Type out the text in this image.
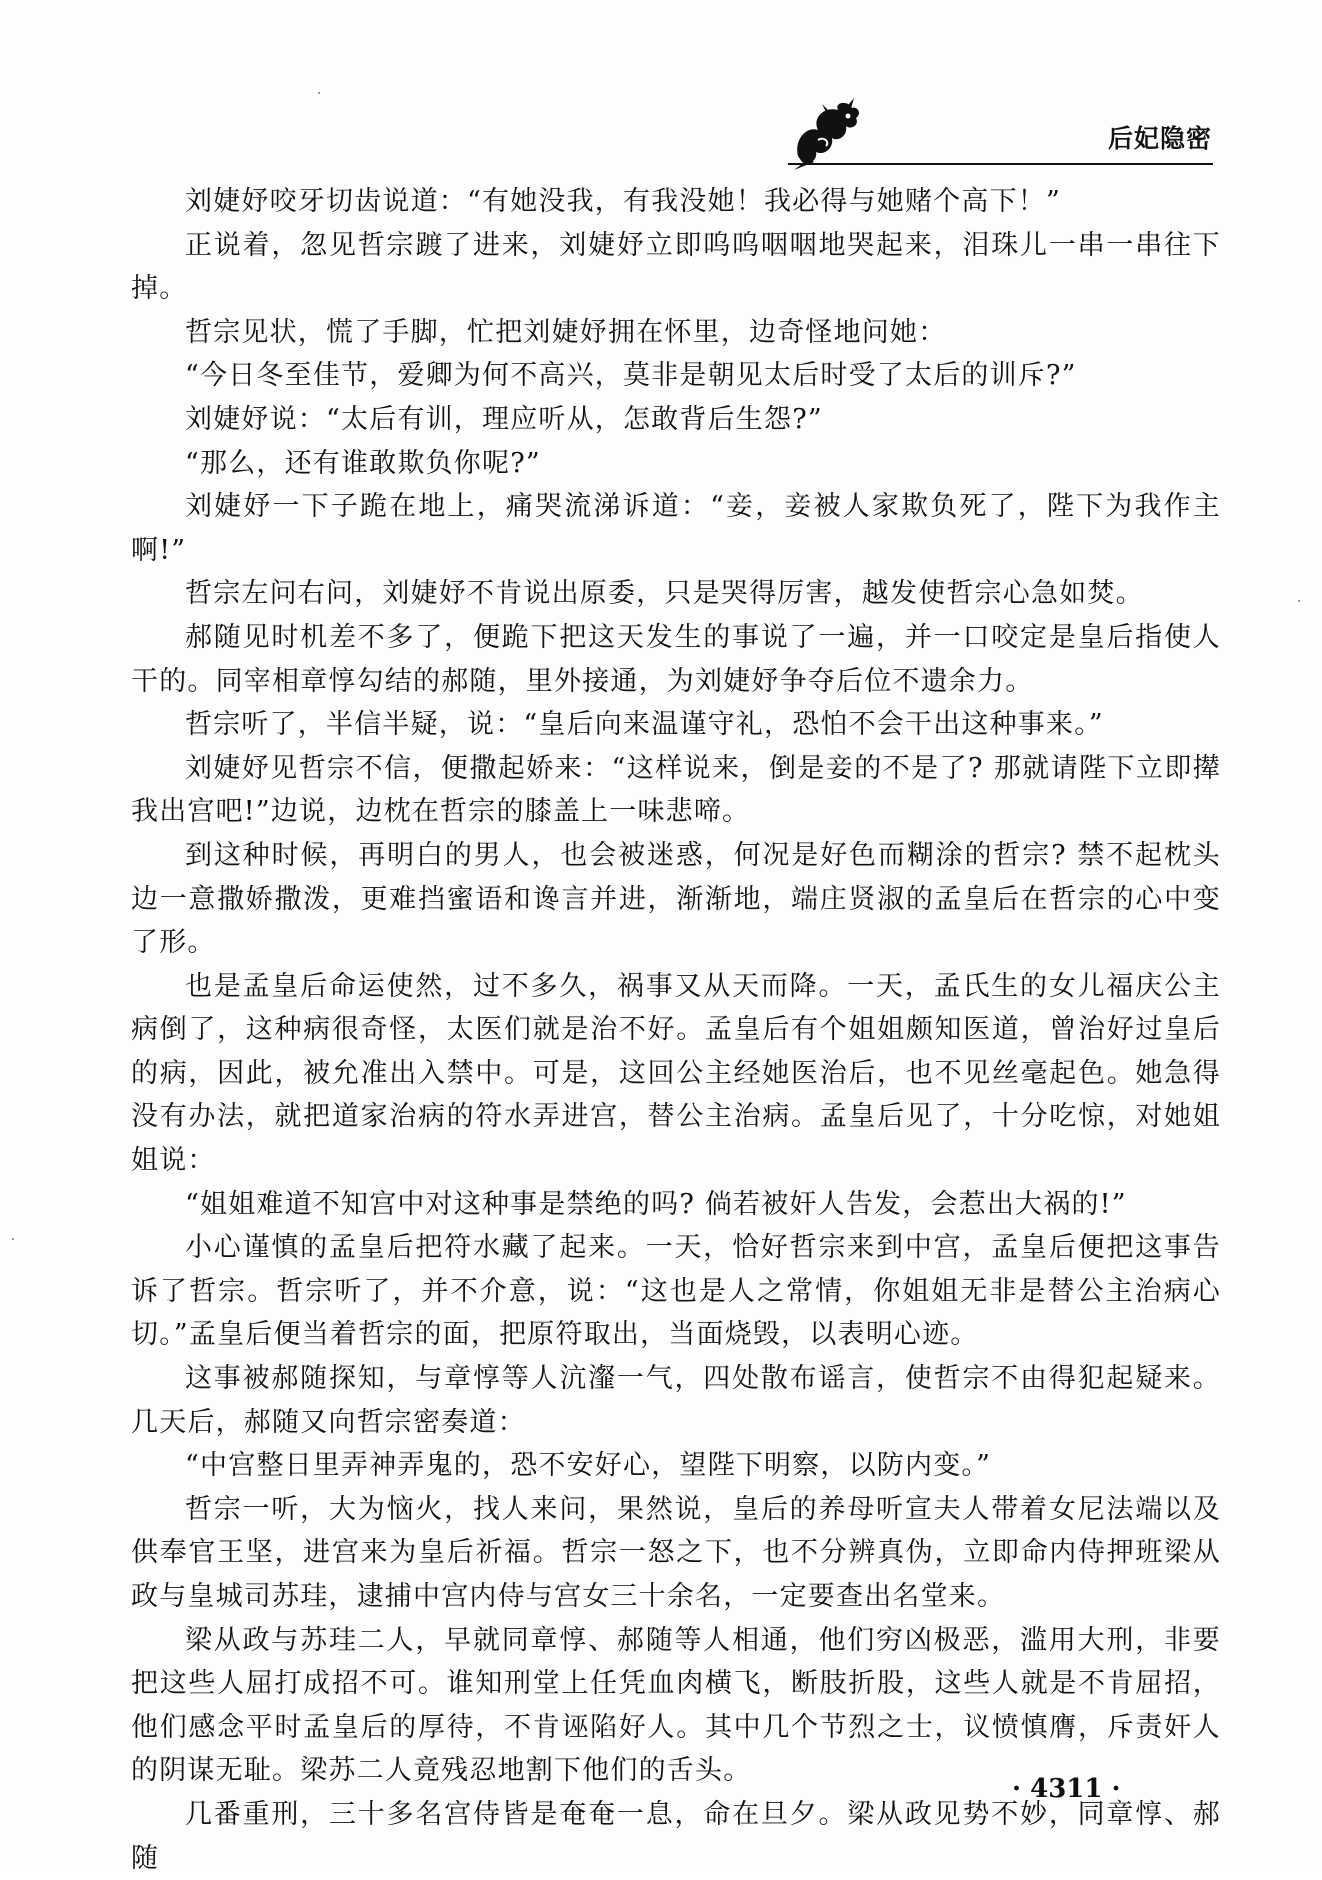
后妃隐密

刘婕妤咬牙切齿说道：“有她没我，有我没她！我必得与她赌个高下！”

正说着，忽见哲宗踱了进来，刘婕妤立即呜呜咽咽地哭起来，泪珠儿一串一串往下掉。

哲宗见状，慌了手脚，忙把刘婕妤拥在怀里，边奇怪地问她：

“今日冬至佳节，爱卿为何不高兴，莫非是朝见太后时受了太后的训斥?”

刘婕妤说：“太后有训，理应听从，怎敢背后生怨?”

“那么，还有谁敢欺负你呢?”

刘婕妤一下子跪在地上，痛哭流涕诉道：“妾，妾被人家欺负死了，陛下为我作主啊!”

哲宗左问右问，刘婕妤不肯说出原委，只是哭得厉害，越发使哲宗心急如焚。

郝随见时机差不多了，便跪下把这天发生的事说了一遍，并一口咬定是皇后指使人干的。同宰相章惇勾结的郝随，里外接通，为刘婕妤争夺后位不遗余力。

哲宗听了，半信半疑，说：“皇后向来温谨守礼，恐怕不会干出这种事来。”

刘婕妤见哲宗不信，便撒起娇来：“这样说来，倒是妾的不是了? 那就请陛下立即撵我出宫吧!”边说，边枕在哲宗的膝盖上一味悲啼。

到这种时候，再明白的男人，也会被迷惑，何况是好色而糊涂的哲宗? 禁不起枕头边一意撒娇撒泼，更难挡蜜语和谗言并进，渐渐地，端庄贤淑的孟皇后在哲宗的心中变了形。

也是孟皇后命运使然，过不多久，祸事又从天而降。一天，孟氏生的女儿福庆公主病倒了，这种病很奇怪，太医们就是治不好。孟皇后有个姐姐颇知医道，曾治好过皇后的病，因此，被允准出入禁中。可是，这回公主经她医治后，也不见丝毫起色。她急得没有办法，就把道家治病的符水弄进宫，替公主治病。孟皇后见了，十分吃惊，对她姐姐说：

“姐姐难道不知宫中对这种事是禁绝的吗? 倘若被奸人告发，会惹出大祸的!”

小心谨慎的孟皇后把符水藏了起来。一天，恰好哲宗来到中宫，孟皇后便把这事告诉了哲宗。哲宗听了，并不介意，说：“这也是人之常情，你姐姐无非是替公主治病心切。”孟皇后便当着哲宗的面，把原符取出，当面烧毁，以表明心迹。

这事被郝随探知，与章惇等人沆瀣一气，四处散布谣言，使哲宗不由得犯起疑来。几天后，郝随又向哲宗密奏道：

“中宫整日里弄神弄鬼的，恐不安好心，望陛下明察，以防内变。”

哲宗一听，大为恼火，找人来问，果然说，皇后的养母听宣夫人带着女尼法端以及供奉官王坚，进宫来为皇后祈福。哲宗一怒之下，也不分辨真伪，立即命内侍押班梁从政与皇城司苏珪，逮捕中宫内侍与宫女三十余名，一定要查出名堂来。

梁从政与苏珪二人，早就同章惇、郝随等人相通，他们穷凶极恶，滥用大刑，非要把这些人屈打成招不可。谁知刑堂上任凭血肉横飞，断肢折股，这些人就是不肯屈招，他们感念平时孟皇后的厚待，不肯诬陷好人。其中几个节烈之士，议愤慎膺，斥责奸人的阴谋无耻。梁苏二人竟残忍地割下他们的舌头。

几番重刑，三十多名宫侍皆是奄奄一息，命在旦夕。梁从政见势不妙，同章惇、郝随

· 4311 ·
